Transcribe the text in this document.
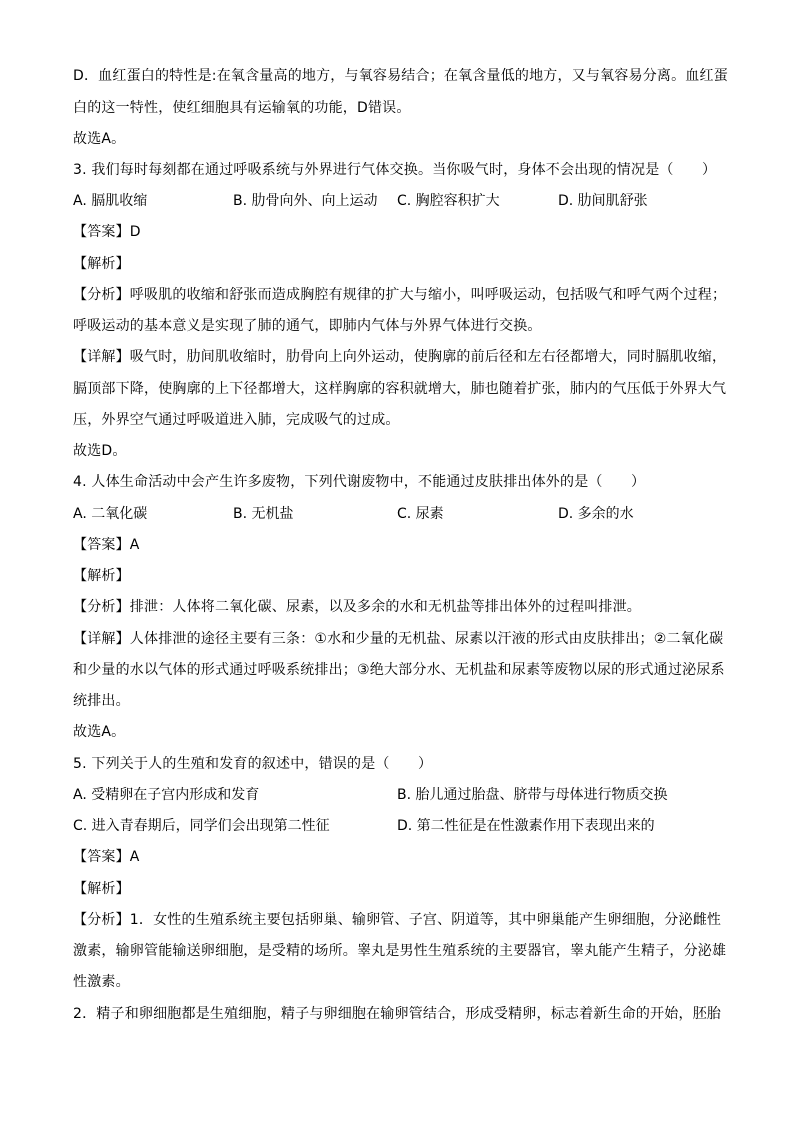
D．血红蛋白的特性是:在氧含量高的地方，与氧容易结合；在氧含量低的地方，又与氧容易分离。血红蛋
白的这一特性，使红细胞具有运输氧的功能，D错误。
故选A。
3. 我们每时每刻都在通过呼吸系统与外界进行气体交换。当你吸气时，身体不会出现的情况是（　　）
A. 膈肌收缩	B. 肋骨向外、向上运动 C. 胸腔容积扩大	D. 肋间肌舒张
【答案】D
【解析】
【分析】呼吸肌的收缩和舒张而造成胸腔有规律的扩大与缩小，叫呼吸运动，包括吸气和呼气两个过程；
呼吸运动的基本意义是实现了肺的通气，即肺内气体与外界气体进行交换。
【详解】吸气时，肋间肌收缩时，肋骨向上向外运动，使胸廓的前后径和左右径都增大，同时膈肌收缩，
膈顶部下降，使胸廓的上下径都增大，这样胸廓的容积就增大，肺也随着扩张，肺内的气压低于外界大气
压，外界空气通过呼吸道进入肺，完成吸气的过成。
故选D。
4. 人体生命活动中会产生许多废物，下列代谢废物中，不能通过皮肤排出体外的是（　　）
A. 二氧化碳	B. 无机盐	C. 尿素	D. 多余的水
【答案】A
【解析】
【分析】排泄：人体将二氧化碳、尿素，以及多余的水和无机盐等排出体外的过程叫排泄。
【详解】人体排泄的途径主要有三条：①水和少量的无机盐、尿素以汗液的形式由皮肤排出；②二氧化碳
和少量的水以气体的形式通过呼吸系统排出；③绝大部分水、无机盐和尿素等废物以尿的形式通过泌尿系
统排出。
故选A。
5. 下列关于人的生殖和发育的叙述中，错误的是（　　）
A. 受精卵在子宫内形成和发育	B. 胎儿通过胎盘、脐带与母体进行物质交换
C. 进入青春期后，同学们会出现第二性征	D. 第二性征是在性激素作用下表现出来的
【答案】A
【解析】
【分析】1．女性的生殖系统主要包括卵巢、输卵管、子宫、阴道等，其中卵巢能产生卵细胞，分泌雌性
激素，输卵管能输送卵细胞，是受精的场所。睾丸是男性生殖系统的主要器官，睾丸能产生精子，分泌雄
性激素。
2．精子和卵细胞都是生殖细胞，精子与卵细胞在输卵管结合，形成受精卵，标志着新生命的开始，胚胎
